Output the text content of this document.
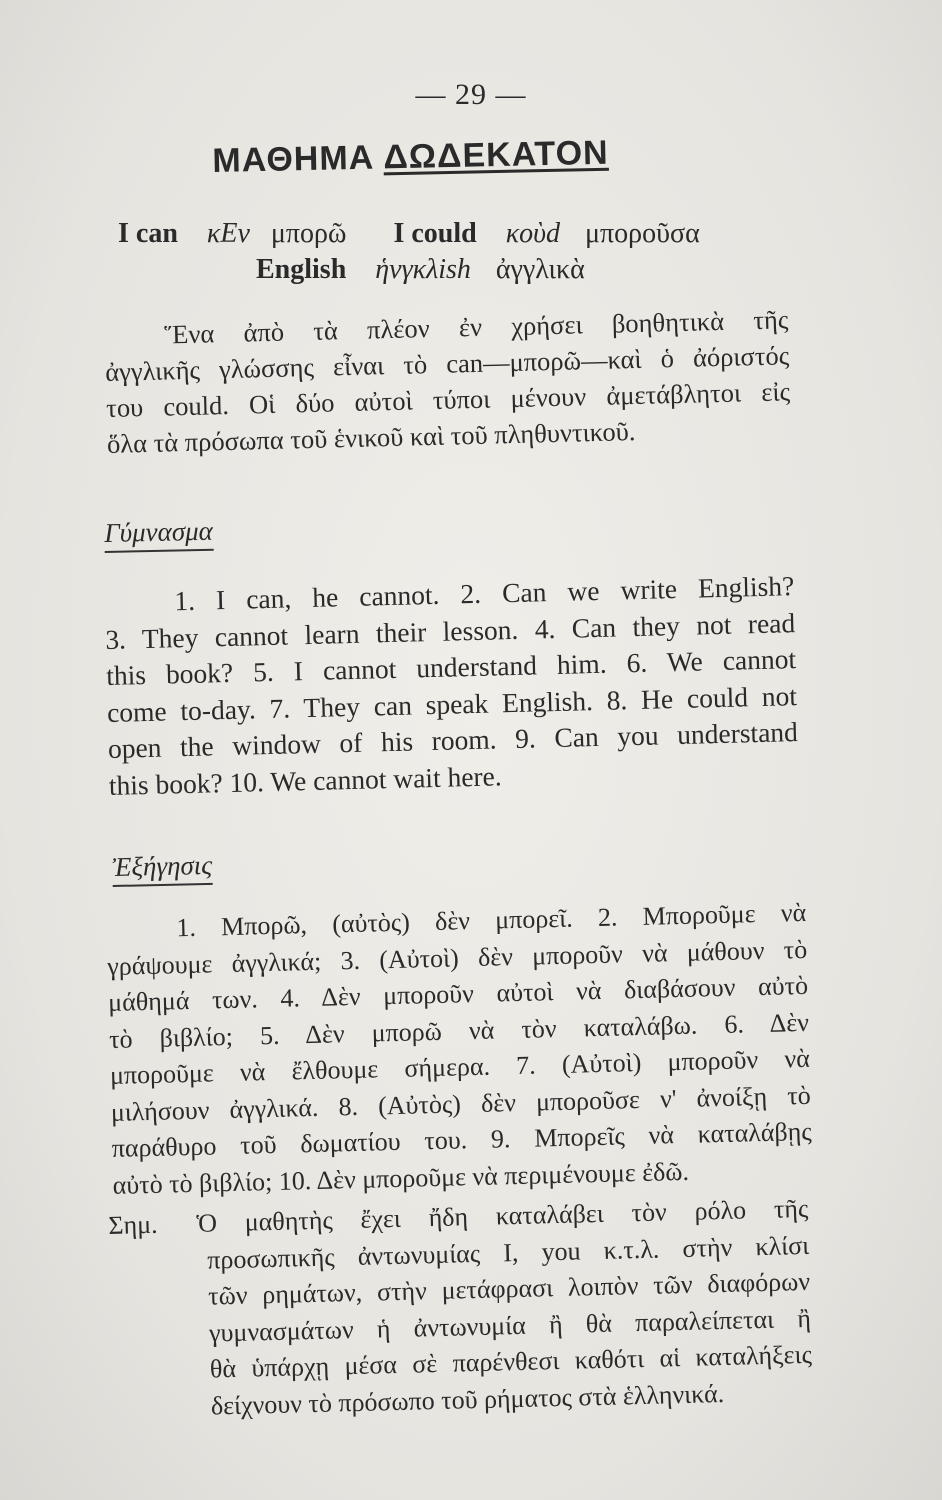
— 29 —
ΜΑΘΗΜΑ ΔΩΔΕΚΑΤΟΝ
I can κΕν μπορῶ I could κοὺd μποροῦσα
English ἡνγκλish ἀγγλικὰ
Ἕνα ἀπὸ τὰ πλέον ἐν χρήσει βοηθητικὰ τῆς
ἀγγλικῆς γλώσσης εἶναι τὸ can—μπορῶ—καὶ ὁ ἀόριστός
του could. Οἱ δύο αὐτοὶ τύποι μένουν ἀμετάβλητοι εἰς
ὅλα τὰ πρόσωπα τοῦ ἑνικοῦ καὶ τοῦ πληθυντικοῦ.
Γύμνασμα
1. I can, he cannot. 2. Can we write English?
3. They cannot learn their lesson. 4. Can they not read
this book? 5. I cannot understand him. 6. We cannot
come to-day. 7. They can speak English. 8. He could not
open the window of his room. 9. Can you understand
this book? 10. We cannot wait here.
Ἐξήγησις
1. Μπορῶ, (αὐτὸς) δὲν μπορεῖ. 2. Μποροῦμε νὰ
γράψουμε ἀγγλικά; 3. (Αὐτοὶ) δὲν μποροῦν νὰ μάθουν τὸ
μάθημά των. 4. Δὲν μποροῦν αὐτοὶ νὰ διαβάσουν αὐτὸ
τὸ βιβλίο; 5. Δὲν μπορῶ νὰ τὸν καταλάβω. 6. Δὲν
μποροῦμε νὰ ἔλθουμε σήμερα. 7. (Αὐτοὶ) μποροῦν νὰ
μιλήσουν ἀγγλικά. 8. (Αὐτὸς) δὲν μποροῦσε ν' ἀνοίξῃ τὸ
παράθυρο τοῦ δωματίου του. 9. Μπορεῖς νὰ καταλάβῃς
αὐτὸ τὸ βιβλίο; 10. Δὲν μποροῦμε νὰ περιμένουμε ἐδῶ.
Σημ. Ὁ μαθητὴς ἔχει ἤδη καταλάβει τὸν ρόλο τῆς
προσωπικῆς ἀντωνυμίας I, you κ.τ.λ. στὴν κλίσι
τῶν ρημάτων, στὴν μετάφρασι λοιπὸν τῶν διαφόρων
γυμνασμάτων ἡ ἀντωνυμία ἢ θὰ παραλείπεται ἢ
θὰ ὑπάρχῃ μέσα σὲ παρένθεσι καθότι αἱ καταλήξεις
δείχνουν τὸ πρόσωπο τοῦ ρήματος στὰ ἑλληνικά.
